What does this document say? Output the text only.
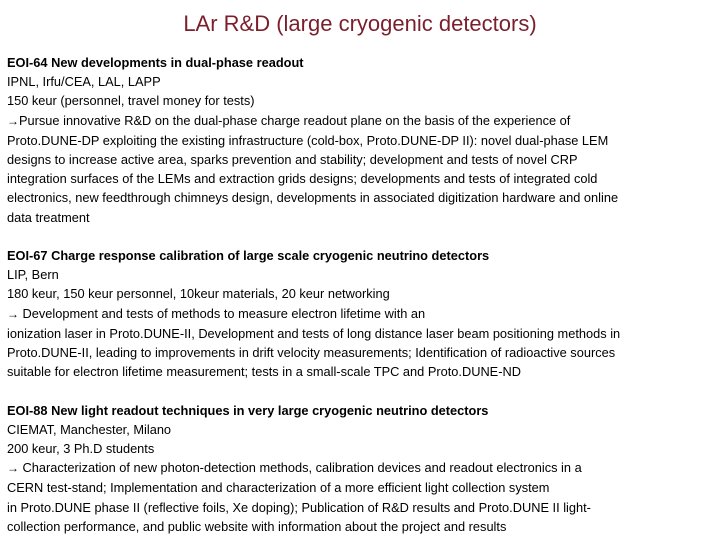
LAr R&D (large cryogenic detectors)
EOI-64 New developments in dual-phase readout
IPNL, Irfu/CEA, LAL, LAPP
150 keur (personnel, travel money for tests)
→Pursue innovative R&D on the dual-phase charge readout plane on the basis of the experience of
Proto.DUNE-DP exploiting the existing infrastructure (cold-box, Proto.DUNE-DP II): novel dual-phase LEM
designs to increase active area, sparks prevention and stability; development and tests of novel CRP
integration surfaces of the LEMs and extraction grids designs; developments and tests of integrated cold
electronics, new feedthrough chimneys design, developments in associated digitization hardware and online
data treatment
EOI-67 Charge response calibration of large scale cryogenic neutrino detectors
LIP, Bern
180 keur, 150 keur personnel, 10keur materials, 20 keur networking
→ Development and tests of methods to measure electron lifetime with an
ionization laser in Proto.DUNE-II, Development and tests of long distance laser beam positioning methods in
Proto.DUNE-II, leading to improvements in drift velocity measurements; Identification of radioactive sources
suitable for electron lifetime measurement; tests in a small-scale TPC and Proto.DUNE-ND
EOI-88 New light readout techniques in very large cryogenic neutrino detectors
CIEMAT, Manchester, Milano
200 keur, 3 Ph.D students
→ Characterization of new photon-detection methods, calibration devices and readout electronics in a
CERN test-stand; Implementation and characterization of a more efficient light collection system
in Proto.DUNE phase II (reflective foils, Xe doping); Publication of R&D results and Proto.DUNE II light-
collection performance, and public website with information about the project and results
